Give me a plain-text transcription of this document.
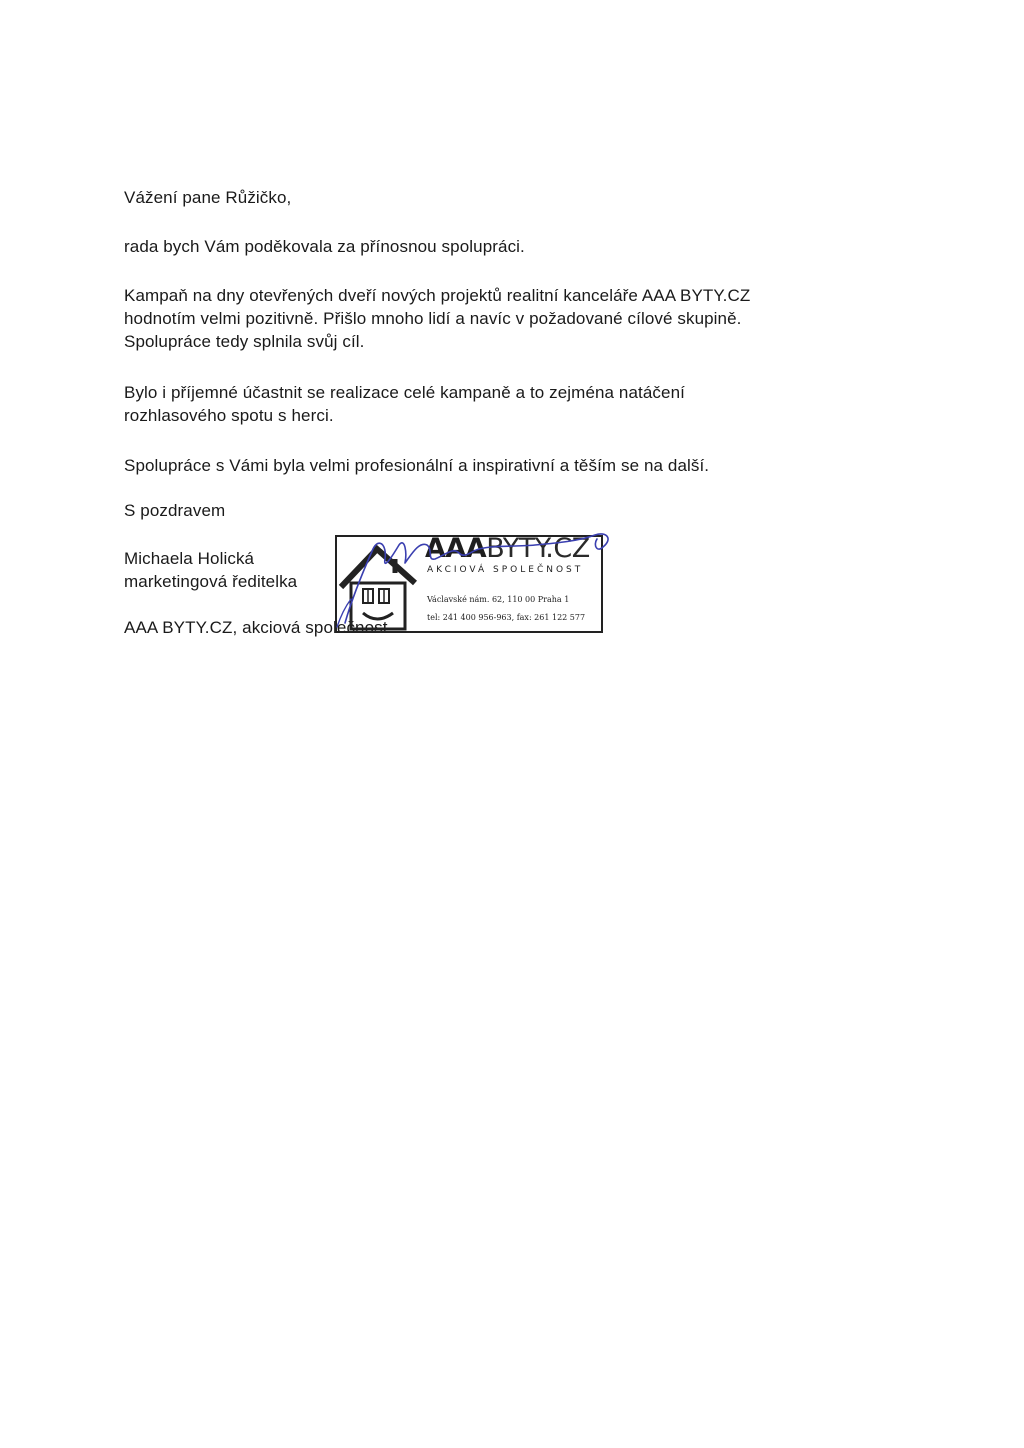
Vážení pane Růžičko,

rada bych Vám poděkovala za přínosnou spolupráci.

Kampaň na dny otevřených dveří nových projektů realitní kanceláře AAA BYTY.CZ
hodnotím velmi pozitivně. Přišlo mnoho lidí a navíc v požadované cílové skupině.
Spolupráce tedy splnila svůj cíl.

Bylo i příjemné účastnit se realizace celé kampaně a to zejména natáčení
rozhlasového spotu s herci.

Spolupráce s Vámi byla velmi profesionální a inspirativní a těším se na další.

S pozdravem

Michaela Holická
marketingová ředitelka

AAA BYTY.CZ, akciová společnost

AAABYTY.CZ
AKCIOVÁ SPOLEČNOST
Václavské nám. 62, 110 00 Praha 1
tel: 241 400 956-963, fax: 261 122 577
